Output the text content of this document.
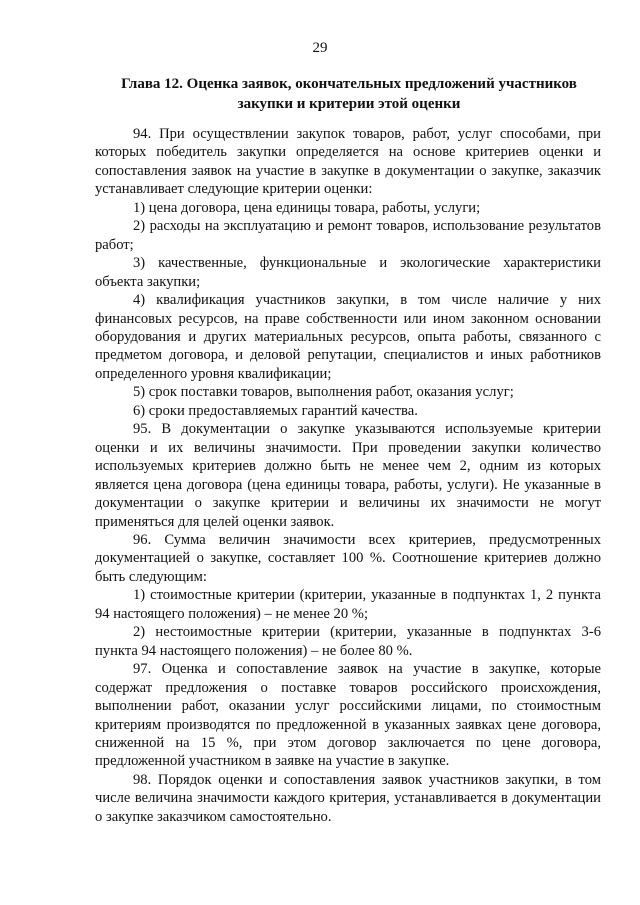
29
Глава 12. Оценка заявок, окончательных предложений участников
закупки и критерии этой оценки

94. При осуществлении закупок товаров, работ, услуг способами, при которых победитель закупки определяется на основе критериев оценки и сопоставления заявок на участие в закупке в документации о закупке, заказчик устанавливает следующие критерии оценки:

1) цена договора, цена единицы товара, работы, услуги;

2) расходы на эксплуатацию и ремонт товаров, использование результатов работ;

3) качественные, функциональные и экологические характеристики объекта закупки;

4) квалификация участников закупки, в том числе наличие у них финансовых ресурсов, на праве собственности или ином законном основании оборудования и других материальных ресурсов, опыта работы, связанного с предметом договора, и деловой репутации, специалистов и иных работников определенного уровня квалификации;

5) срок поставки товаров, выполнения работ, оказания услуг;

6) сроки предоставляемых гарантий качества.

95. В документации о закупке указываются используемые критерии оценки и их величины значимости. При проведении закупки количество используемых критериев должно быть не менее чем 2, одним из которых является цена договора (цена единицы товара, работы, услуги). Не указанные в документации о закупке критерии и величины их значимости не могут применяться для целей оценки заявок.

96. Сумма величин значимости всех критериев, предусмотренных документацией о закупке, составляет 100 %. Соотношение критериев должно быть следующим:

1) стоимостные критерии (критерии, указанные в подпунктах 1, 2 пункта 94 настоящего положения) – не менее 20 %;

2) нестоимостные критерии (критерии, указанные в подпунктах 3-6 пункта 94 настоящего положения) – не более 80 %.

97. Оценка и сопоставление заявок на участие в закупке, которые содержат предложения о поставке товаров российского происхождения, выполнении работ, оказании услуг российскими лицами, по стоимостным критериям производятся по предложенной в указанных заявках цене договора, сниженной на 15 %, при этом договор заключается по цене договора, предложенной участником в заявке на участие в закупке.

98. Порядок оценки и сопоставления заявок участников закупки, в том числе величина значимости каждого критерия, устанавливается в документации о закупке заказчиком самостоятельно.
